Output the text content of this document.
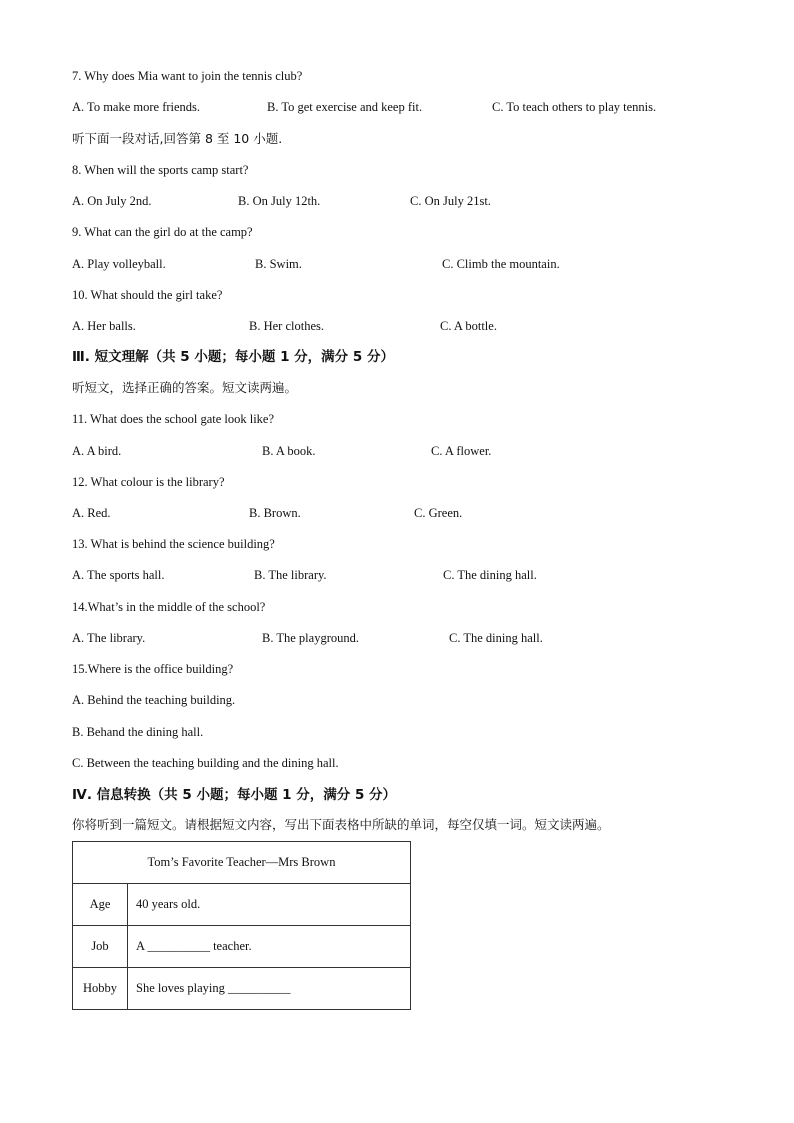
7. Why does Mia want to join the tennis club?
A. To make more friends.	B. To get exercise and keep fit.	C. To teach others to play tennis.
听下面一段对话,回答第 8 至 10 小题.
8. When will the sports camp start?
A. On July 2nd.	B. On July 12th.	C. On July 21st.
9. What can the girl do at the camp?
A. Play volleyball.	B. Swim.	C. Climb the mountain.
10. What should the girl take?
A. Her balls.	B. Her clothes.	C. A bottle.
Ⅲ. 短文理解（共 5 小题；每小题 1 分，满分 5 分）
听短文，选择正确的答案。短文读两遍。
11. What does the school gate look like?
A. A bird.	B. A book.	C. A flower.
12. What colour is the library?
A. Red.	B. Brown.	C. Green.
13. What is behind the science building?
A. The sports hall.	B. The library.	C. The dining hall.
14.What’s in the middle of the school?
A. The library.	B. The playground.	C. The dining hall.
15.Where is the office building?
A. Behind the teaching building.
B. Behand the dining hall.
C. Between the teaching building and the dining hall.
Ⅳ. 信息转换（共 5 小题；每小题 1 分，满分 5 分）
你将听到一篇短文。请根据短文内容，写出下面表格中所缺的单词，每空仅填一词。短文读两遍。
Tom’s Favorite Teacher—Mrs Brown	
Age	40 years old.
Job	A __________ teacher.
Hobby	She loves playing __________
